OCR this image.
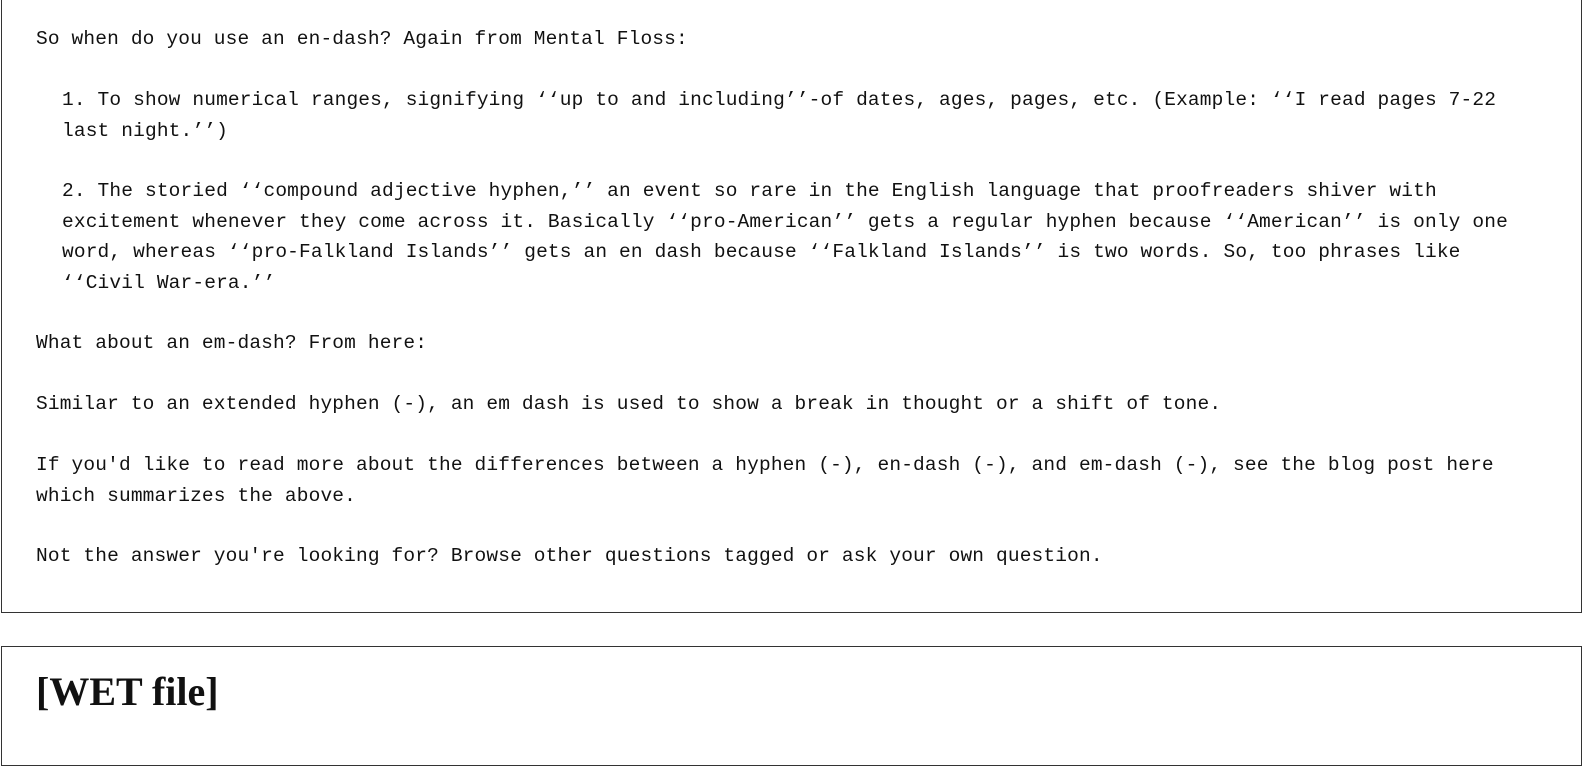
So when do you use an en-dash? Again from Mental Floss:

1. To show numerical ranges, signifying ‘‘up to and including’’-of dates, ages, pages, etc. (Example: ‘‘I read pages 7-22 last night.’’)

2. The storied ‘‘compound adjective hyphen,’’ an event so rare in the English language that proofreaders shiver with excitement whenever they come across it. Basically ‘‘pro-American’’ gets a regular hyphen because ‘‘American’’ is only one word, whereas ‘‘pro-Falkland Islands’’ gets an en dash because ‘‘Falkland Islands’’ is two words. So, too phrases like ‘‘Civil War-era.’’

What about an em-dash? From here:

Similar to an extended hyphen (-), an em dash is used to show a break in thought or a shift of tone.

If you'd like to read more about the differences between a hyphen (-), en-dash (-), and em-dash (-), see the blog post here which summarizes the above.

Not the answer you're looking for? Browse other questions tagged or ask your own question.

[WET file]
